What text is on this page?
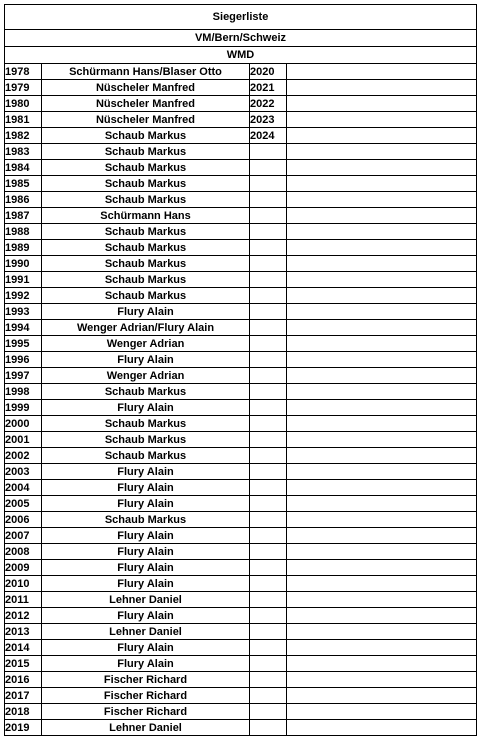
Siegerliste			
VM/Bern/Schweiz			
WMD			
1978	Schürmann Hans/Blaser Otto	2020	
1979	Nüscheler Manfred	2021	
1980	Nüscheler Manfred	2022	
1981	Nüscheler Manfred	2023	
1982	Schaub Markus	2024	
1983	Schaub Markus		
1984	Schaub Markus		
1985	Schaub Markus		
1986	Schaub Markus		
1987	Schürmann Hans		
1988	Schaub Markus		
1989	Schaub Markus		
1990	Schaub Markus		
1991	Schaub Markus		
1992	Schaub Markus		
1993	Flury Alain		
1994	Wenger Adrian/Flury Alain		
1995	Wenger Adrian		
1996	Flury Alain		
1997	Wenger Adrian		
1998	Schaub Markus		
1999	Flury Alain		
2000	Schaub Markus		
2001	Schaub Markus		
2002	Schaub Markus		
2003	Flury Alain		
2004	Flury Alain		
2005	Flury Alain		
2006	Schaub Markus		
2007	Flury Alain		
2008	Flury Alain		
2009	Flury Alain		
2010	Flury Alain		
2011	Lehner Daniel		
2012	Flury Alain		
2013	Lehner Daniel		
2014	Flury Alain		
2015	Flury Alain		
2016	Fischer Richard		
2017	Fischer Richard		
2018	Fischer Richard		
2019	Lehner Daniel		
